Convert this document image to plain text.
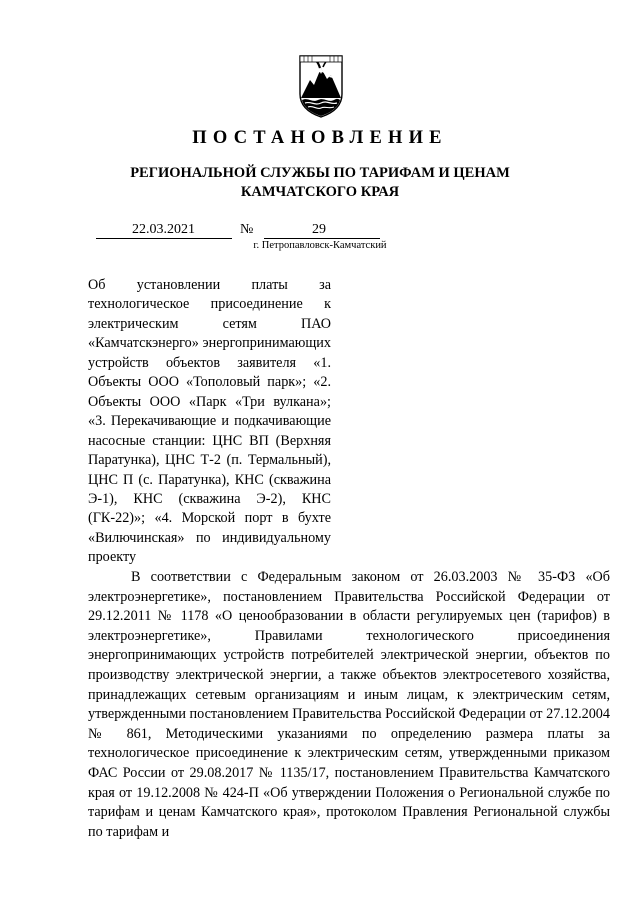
ПОСТАНОВЛЕНИЕ
РЕГИОНАЛЬНОЙ СЛУЖБЫ ПО ТАРИФАМ И ЦЕНАМ КАМЧАТСКОГО КРАЯ
22.03.2021	№	29
г. Петропавловск-Камчатский

Об установлении платы за технологическое присоединение к электрическим сетям ПАО «Камчатскэнерго» энергопринимающих устройств объектов заявителя «1. Объекты ООО «Тополовый парк»; «2. Объекты ООО «Парк «Три вулкана»; «3. Перекачивающие и подкачивающие насосные станции: ЦНС ВП (Верхняя Паратунка), ЦНС Т-2 (п. Термальный), ЦНС П (с. Паратунка), КНС (скважина Э-1), КНС (скважина Э-2), КНС (ГК-22)»; «4. Морской порт в бухте «Вилючинская» по индивидуальному проекту

В соответствии с Федеральным законом от 26.03.2003 № 35-ФЗ «Об электроэнергетике», постановлением Правительства Российской Федерации от 29.12.2011 № 1178 «О ценообразовании в области регулируемых цен (тарифов) в электроэнергетике», Правилами технологического присоединения энергопринимающих устройств потребителей электрической энергии, объектов по производству электрической энергии, а также объектов электросетевого хозяйства, принадлежащих сетевым организациям и иным лицам, к электрическим сетям, утвержденными постановлением Правительства Российской Федерации от 27.12.2004 № 861, Методическими указаниями по определению размера платы за технологическое присоединение к электрическим сетям, утвержденными приказом ФАС России от 29.08.2017 № 1135/17, постановлением Правительства Камчатского края от 19.12.2008 № 424-П «Об утверждении Положения о Региональной службе по тарифам и ценам Камчатского края», протоколом Правления Региональной службы по тарифам и
